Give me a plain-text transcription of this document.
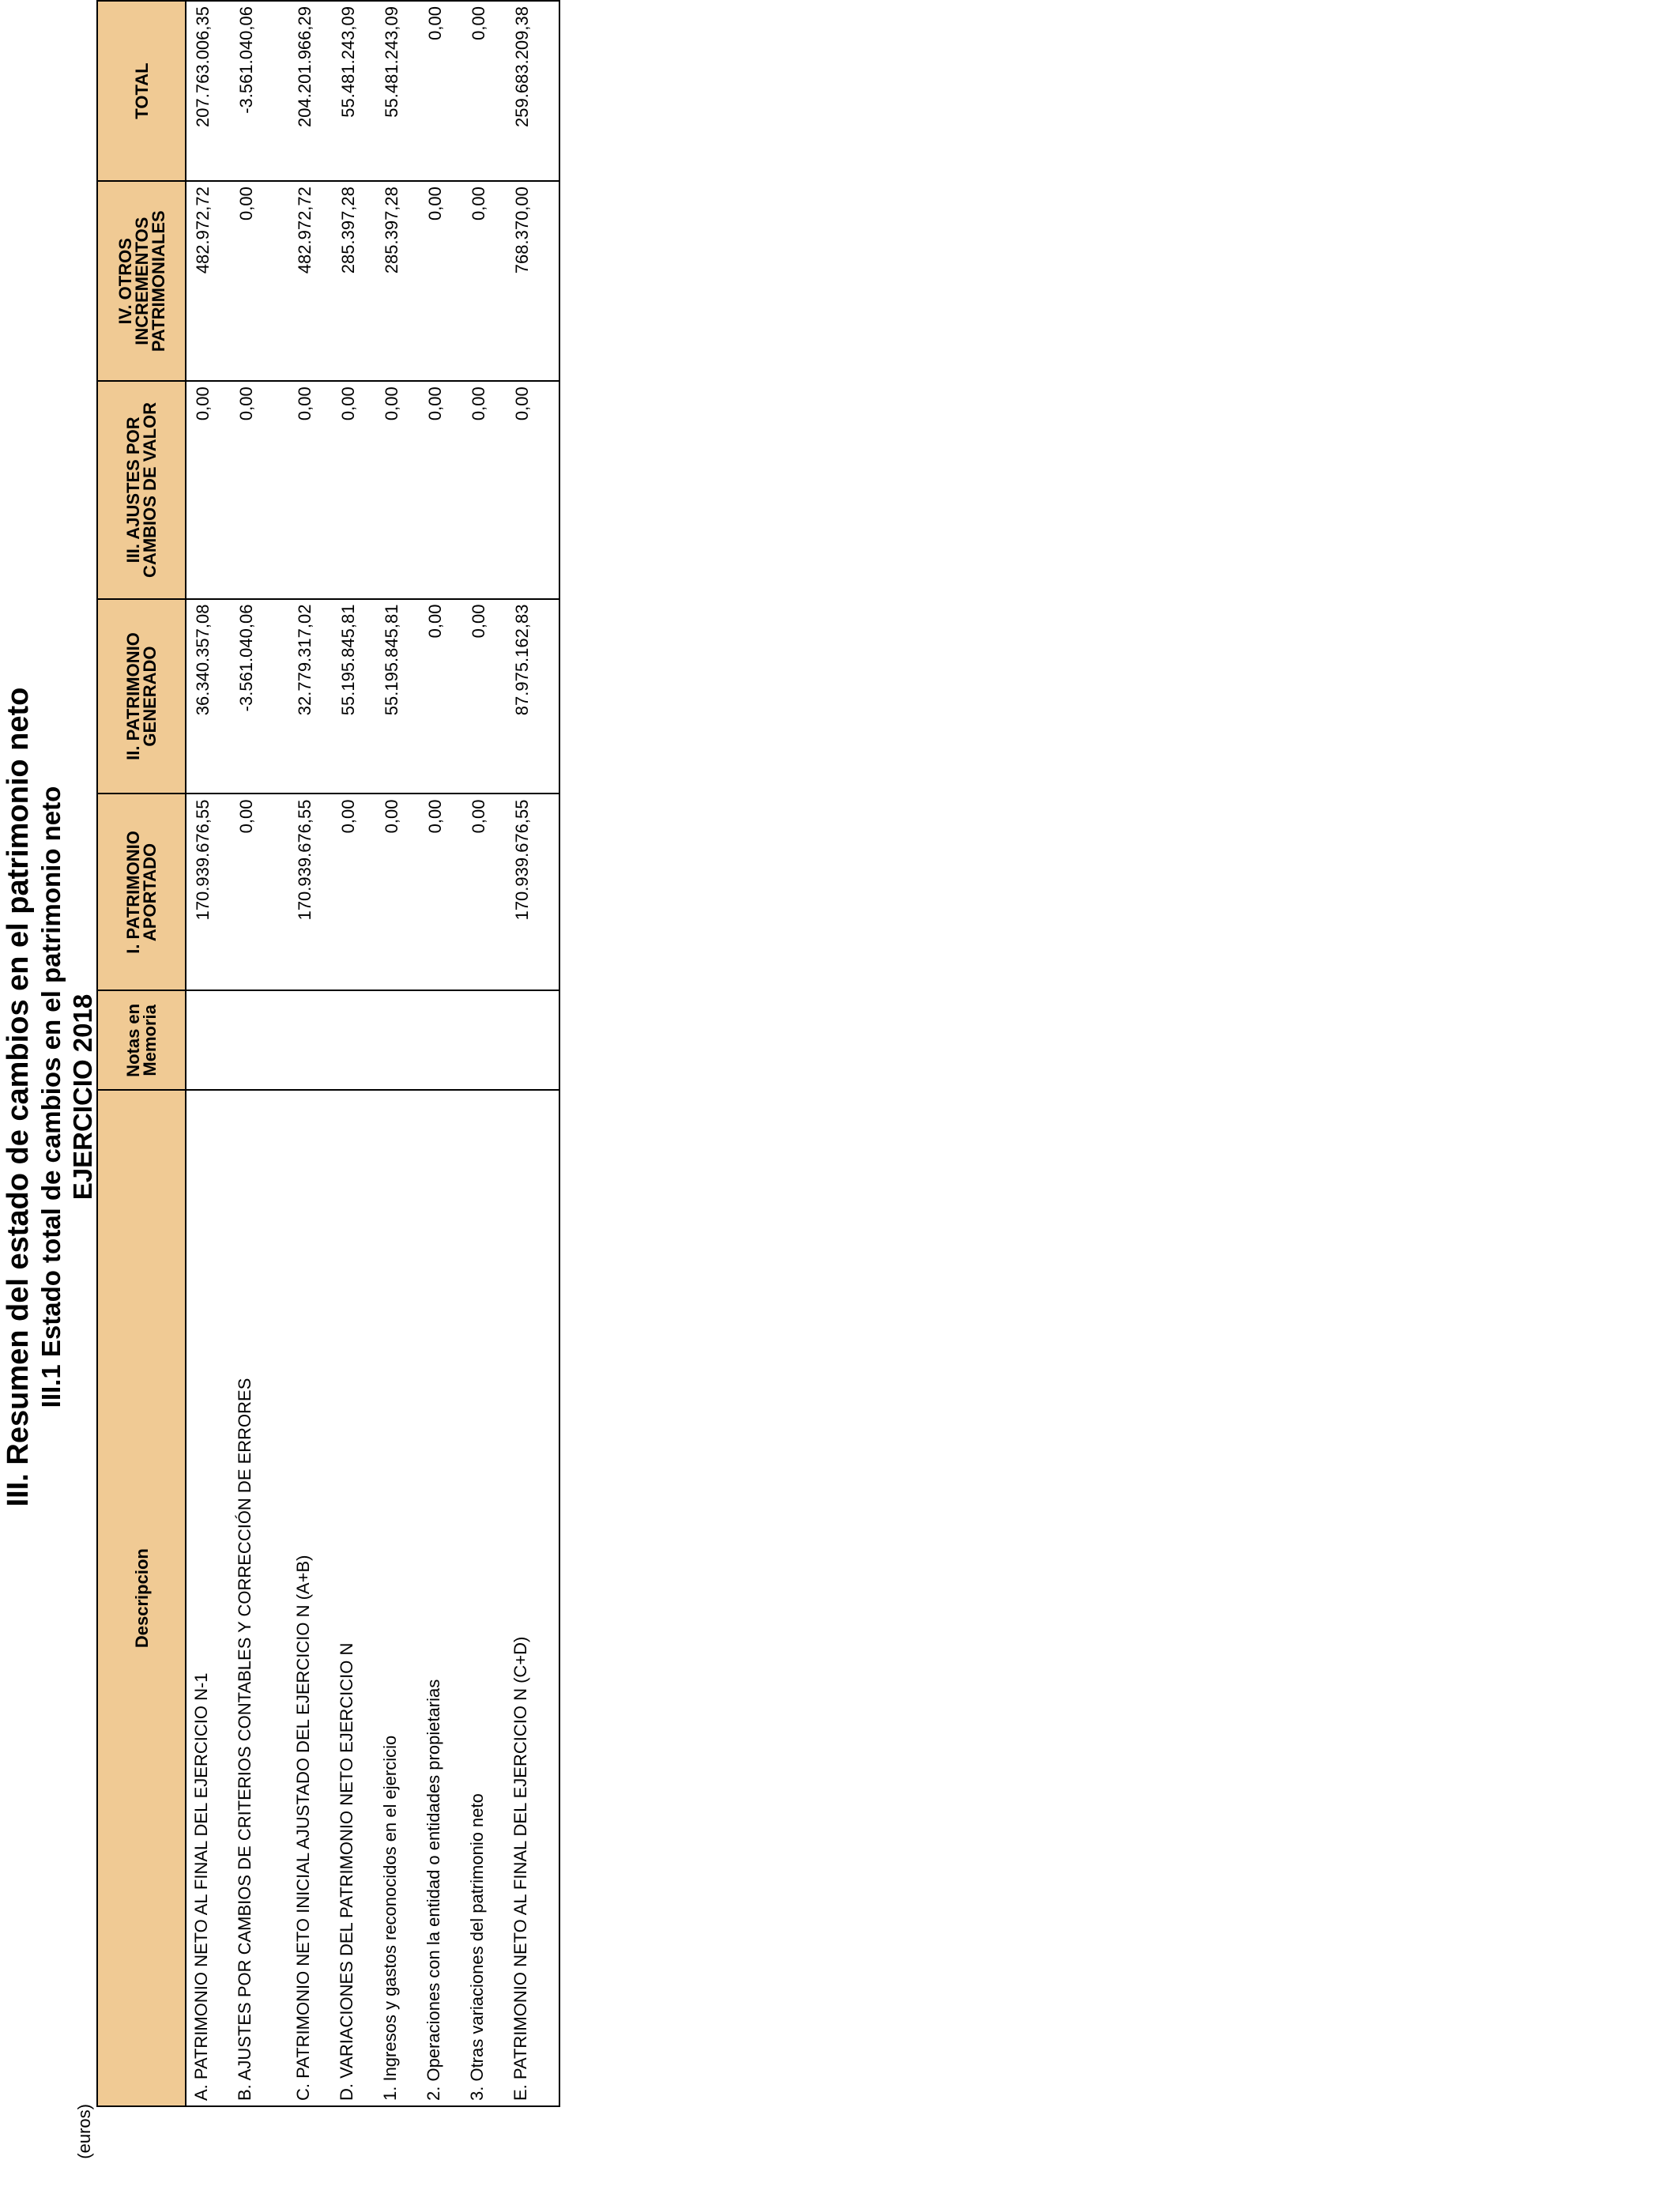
III. Resumen del estado de cambios en el patrimonio neto III.1 Estado total de cambios en el patrimonio neto EJERCICIO 2018
(euros)
Descripcion	Notas en Memoria	I. PATRIMONIO APORTADO	II. PATRIMONIO GENERADO	III. AJUSTES POR CAMBIOS DE VALOR	IV. OTROS INCREMENTOS PATRIMONIALES	TOTAL
A. PATRIMONIO NETO AL FINAL DEL EJERCICIO N-1		170.939.676,55	36.340.357,08	0,00	482.972,72	207.763.006,35
B. AJUSTES POR CAMBIOS DE CRITERIOS CONTABLES Y CORRECCIÓN DE ERRORES		0,00	-3.561.040,06	0,00	0,00	-3.561.040,06
C. PATRIMONIO NETO INICIAL AJUSTADO DEL EJERCICIO N (A+B)		170.939.676,55	32.779.317,02	0,00	482.972,72	204.201.966,29
D. VARIACIONES DEL PATRIMONIO NETO EJERCICIO N		0,00	55.195.845,81	0,00	285.397,28	55.481.243,09
1. Ingresos y gastos reconocidos en el ejercicio		0,00	55.195.845,81	0,00	285.397,28	55.481.243,09
2. Operaciones con la entidad o entidades propietarias		0,00	0,00	0,00	0,00	0,00
3. Otras variaciones del patrimonio neto		0,00	0,00	0,00	0,00	0,00
E. PATRIMONIO NETO AL FINAL DEL EJERCICIO N (C+D)		170.939.676,55	87.975.162,83	0,00	768.370,00	259.683.209,38
